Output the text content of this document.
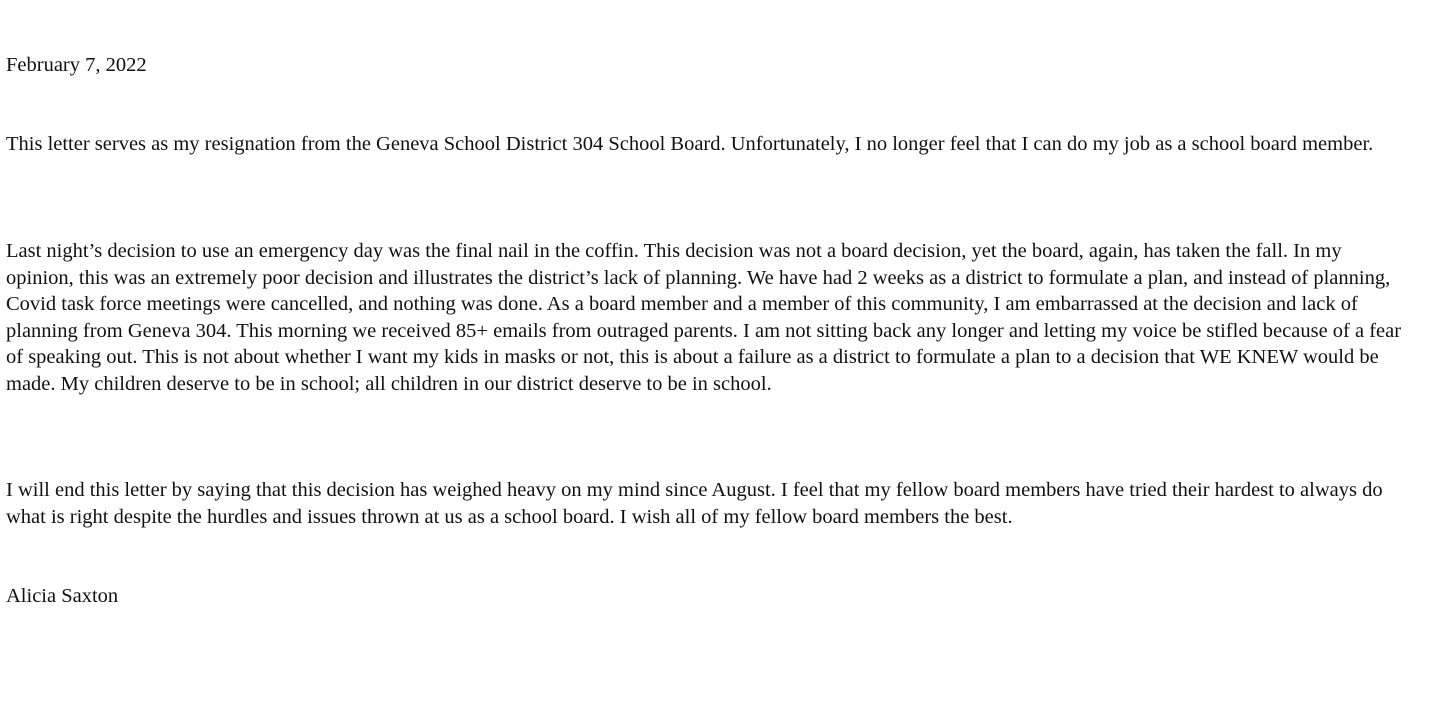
February 7, 2022

This letter serves as my resignation from the Geneva School District 304 School Board. Unfortunately, I no longer feel that I can do my job as a school board member.

Last night’s decision to use an emergency day was the final nail in the coffin. This decision was not a board decision, yet the board, again, has taken the fall. In my opinion, this was an extremely poor decision and illustrates the district’s lack of planning. We have had 2 weeks as a district to formulate a plan, and instead of planning, Covid task force meetings were cancelled, and nothing was done. As a board member and a member of this community, I am embarrassed at the decision and lack of planning from Geneva 304. This morning we received 85+ emails from outraged parents. I am not sitting back any longer and letting my voice be stifled because of a fear of speaking out. This is not about whether I want my kids in masks or not, this is about a failure as a district to formulate a plan to a decision that WE KNEW would be made. My children deserve to be in school; all children in our district deserve to be in school.

I will end this letter by saying that this decision has weighed heavy on my mind since August. I feel that my fellow board members have tried their hardest to always do what is right despite the hurdles and issues thrown at us as a school board. I wish all of my fellow board members the best.

Alicia Saxton
